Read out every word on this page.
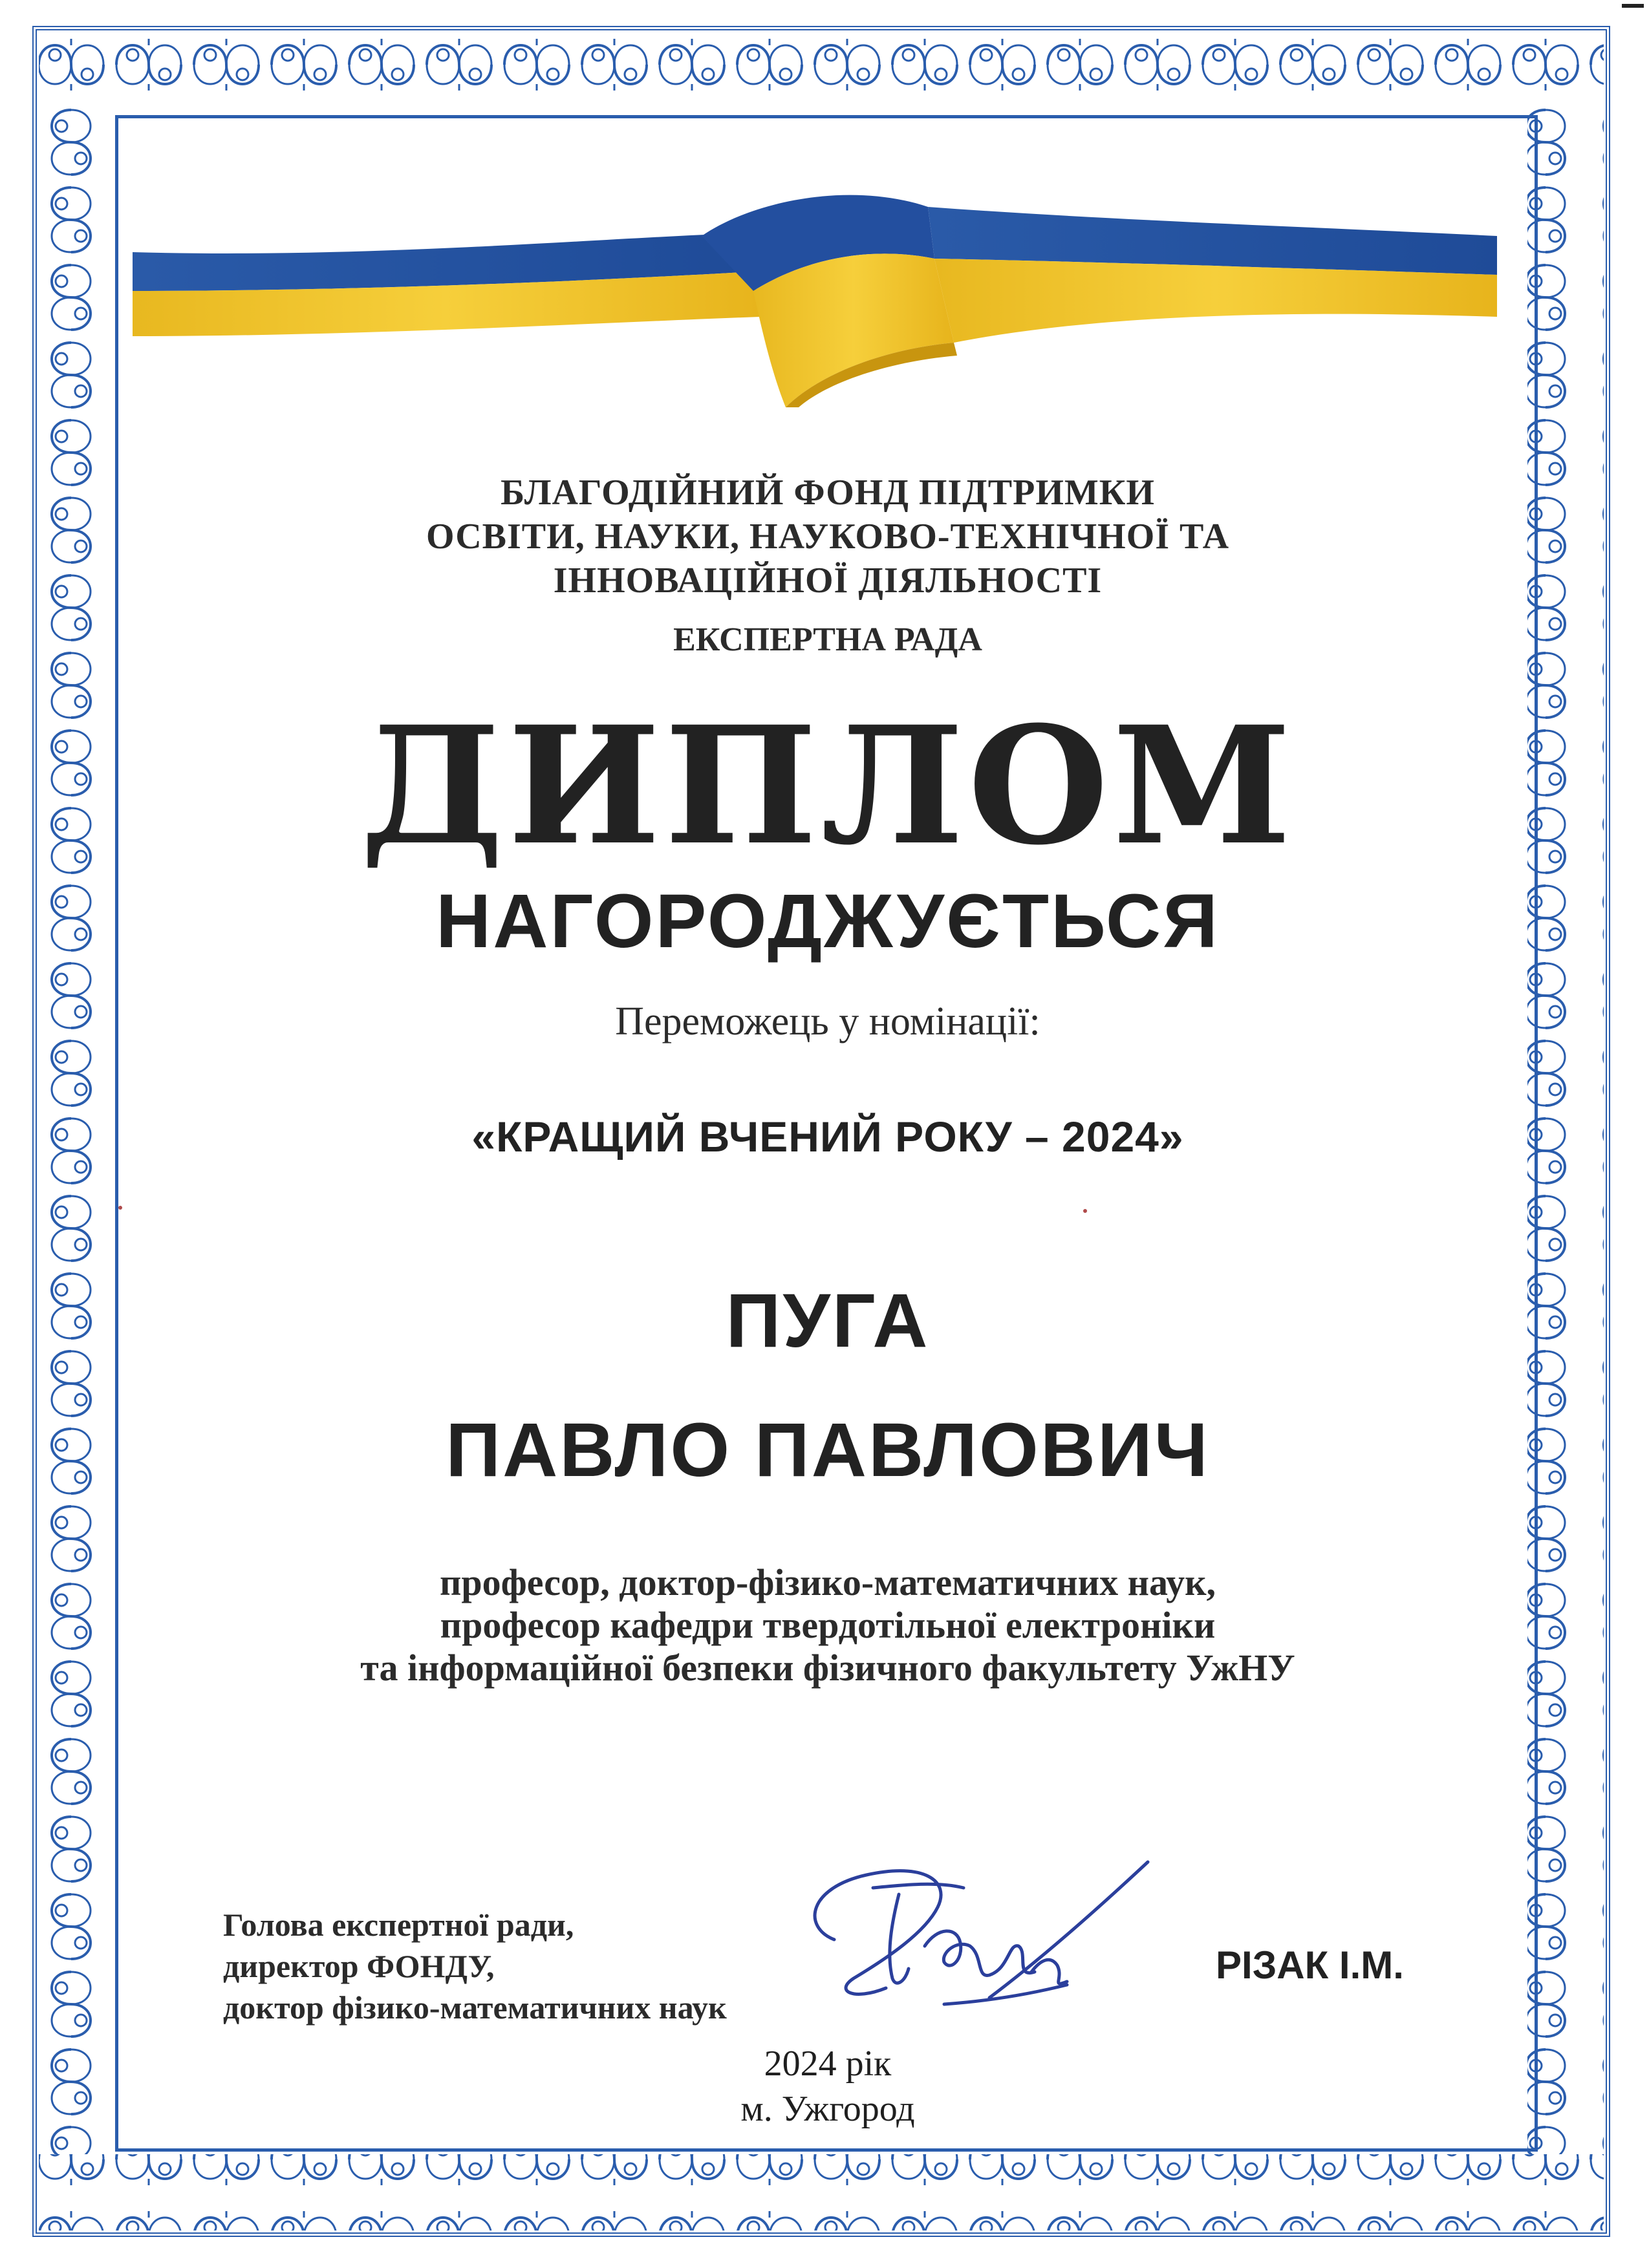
БЛАГОДІЙНИЙ ФОНД ПІДТРИМКИ
ОСВІТИ, НАУКИ, НАУКОВО-ТЕХНІЧНОЇ ТА
ІННОВАЦІЙНОЇ ДІЯЛЬНОСТІ
ЕКСПЕРТНА РАДА
ДИПЛОМ
НАГОРОДЖУЄТЬСЯ
Переможець у номінації:
«КРАЩИЙ ВЧЕНИЙ РОКУ – 2024»
ПУГА
ПАВЛО ПАВЛОВИЧ
професор, доктор-фізико-математичних наук,
професор кафедри твердотільної електроніки
та інформаційної безпеки фізичного факультету УжНУ
Голова експертної ради,
директор ФОНДУ,
доктор фізико-математичних наук
РІЗАК І.М.
2024 рік
м. Ужгород
